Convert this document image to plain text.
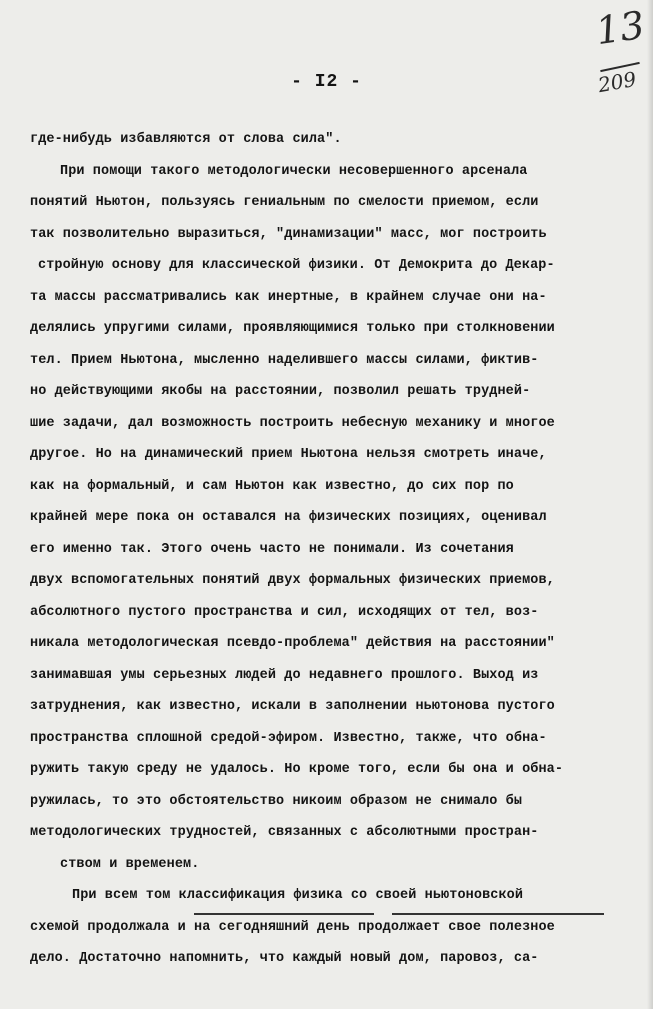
13
209
- I2 -
где-нибудь избавляются от слова сила".
При помощи такого методологически несовершенного арсенала
понятий Ньютон, пользуясь гениальным по смелости приемом, если
так позволительно выразиться, "динамизации" масс, мог построить
стройную основу для классической физики. От Демокрита до Декар-
та массы рассматривались как инертные, в крайнем случае они на-
делялись упругими силами, проявляющимися только при столкновении
тел. Прием Ньютона, мысленно наделившего массы силами, фиктив-
но действующими якобы на расстоянии, позволил решать трудней-
шие задачи, дал возможность построить небесную механику и многое
другое. Но на динамический прием Ньютона нельзя смотреть иначе,
как на формальный, и сам Ньютон как известно, до сих пор по
крайней мере пока он оставался на физических позициях, оценивал
его именно так. Этого очень часто не понимали. Из сочетания
двух вспомогательных понятий двух формальных физических приемов,
абсолютного пустого пространства и сил, исходящих от тел, воз-
никала методологическая псевдо-проблема" действия на расстоянии"
занимавшая умы серьезных людей до недавнего прошлого. Выход из
затруднения, как известно, искали в заполнении ньютонова пустого
пространства сплошной средой-эфиром. Известно, также, что обна-
ружить такую среду не удалось. Но кроме того, если бы она и обна-
ружилась, то это обстоятельство никоим образом не снимало бы
методологических трудностей, связанных с абсолютными простран-
ством и временем.
При всем том классификация физика со своей ньютоновской
схемой продолжала и на сегодняшний день продолжает свое полезное
дело. Достаточно напомнить, что каждый новый дом, паровоз, са-
